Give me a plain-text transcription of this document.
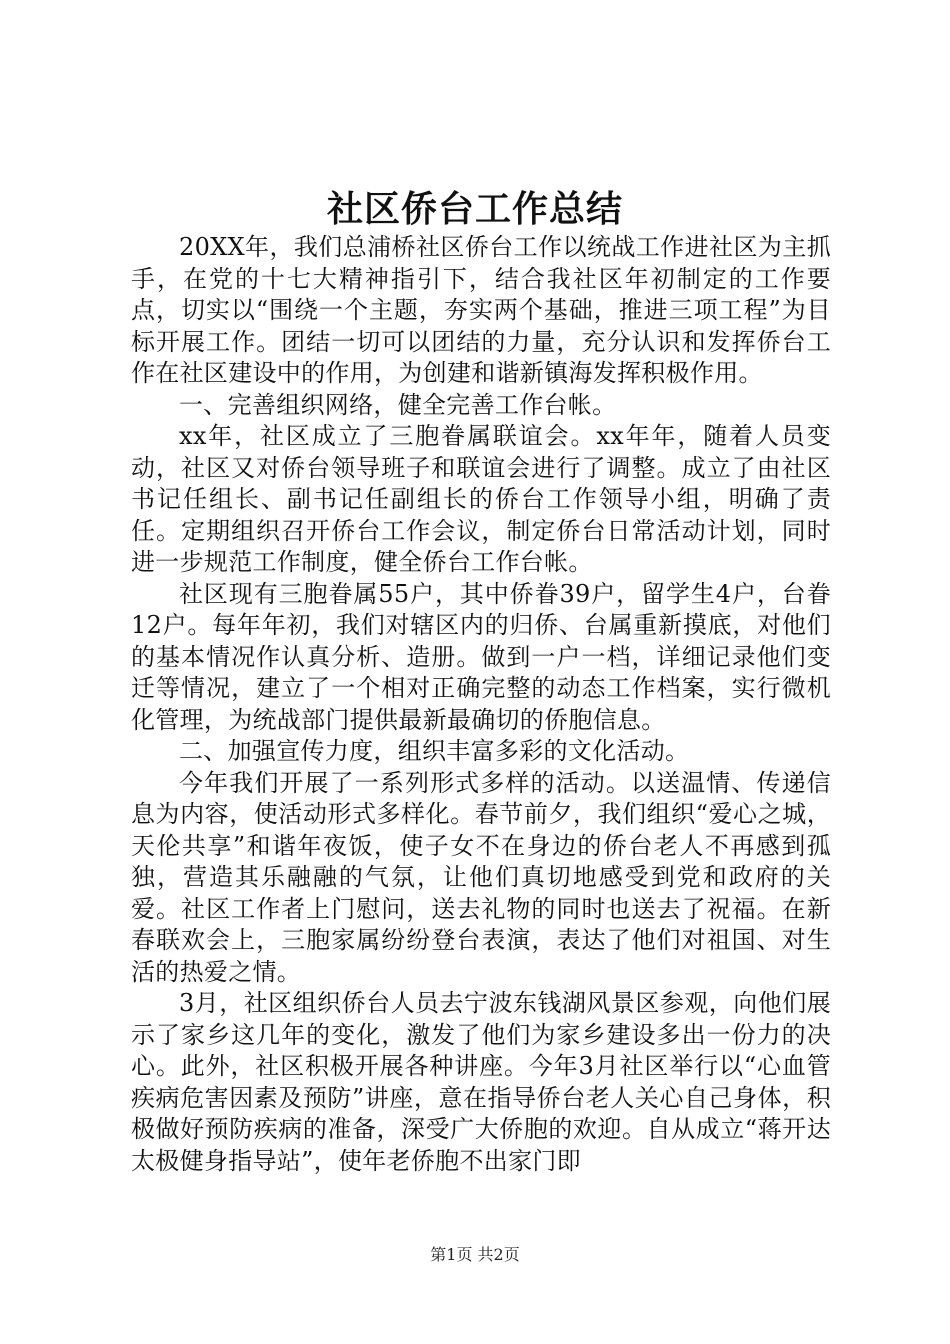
社区侨台工作总结

20XX年，我们总浦桥社区侨台工作以统战工作进社区为主抓手，在党的十七大精神指引下，结合我社区年初制定的工作要点，切实以“围绕一个主题，夯实两个基础，推进三项工程”为目标开展工作。团结一切可以团结的力量，充分认识和发挥侨台工作在社区建设中的作用，为创建和谐新镇海发挥积极作用。

一、完善组织网络，健全完善工作台帐。

xx年，社区成立了三胞眷属联谊会。xx年年，随着人员变动，社区又对侨台领导班子和联谊会进行了调整。成立了由社区书记任组长、副书记任副组长的侨台工作领导小组，明确了责任。定期组织召开侨台工作会议，制定侨台日常活动计划，同时进一步规范工作制度，健全侨台工作台帐。

社区现有三胞眷属55户，其中侨眷39户，留学生4户，台眷12户。每年年初，我们对辖区内的归侨、台属重新摸底，对他们的基本情况作认真分析、造册。做到一户一档，详细记录他们变迁等情况，建立了一个相对正确完整的动态工作档案，实行微机化管理，为统战部门提供最新最确切的侨胞信息。

二、加强宣传力度，组织丰富多彩的文化活动。

今年我们开展了一系列形式多样的活动。以送温情、传递信息为内容，使活动形式多样化。春节前夕，我们组织“爱心之城，天伦共享”和谐年夜饭，使子女不在身边的侨台老人不再感到孤独，营造其乐融融的气氛，让他们真切地感受到党和政府的关爱。社区工作者上门慰问，送去礼物的同时也送去了祝福。在新春联欢会上，三胞家属纷纷登台表演，表达了他们对祖国、对生活的热爱之情。

3月，社区组织侨台人员去宁波东钱湖风景区参观，向他们展示了家乡这几年的变化，激发了他们为家乡建设多出一份力的决心。此外，社区积极开展各种讲座。今年3月社区举行以“心血管疾病危害因素及预防”讲座，意在指导侨台老人关心自己身体，积极做好预防疾病的准备，深受广大侨胞的欢迎。自从成立“蒋开达太极健身指导站”，使年老侨胞不出家门即

第1页 共2页
